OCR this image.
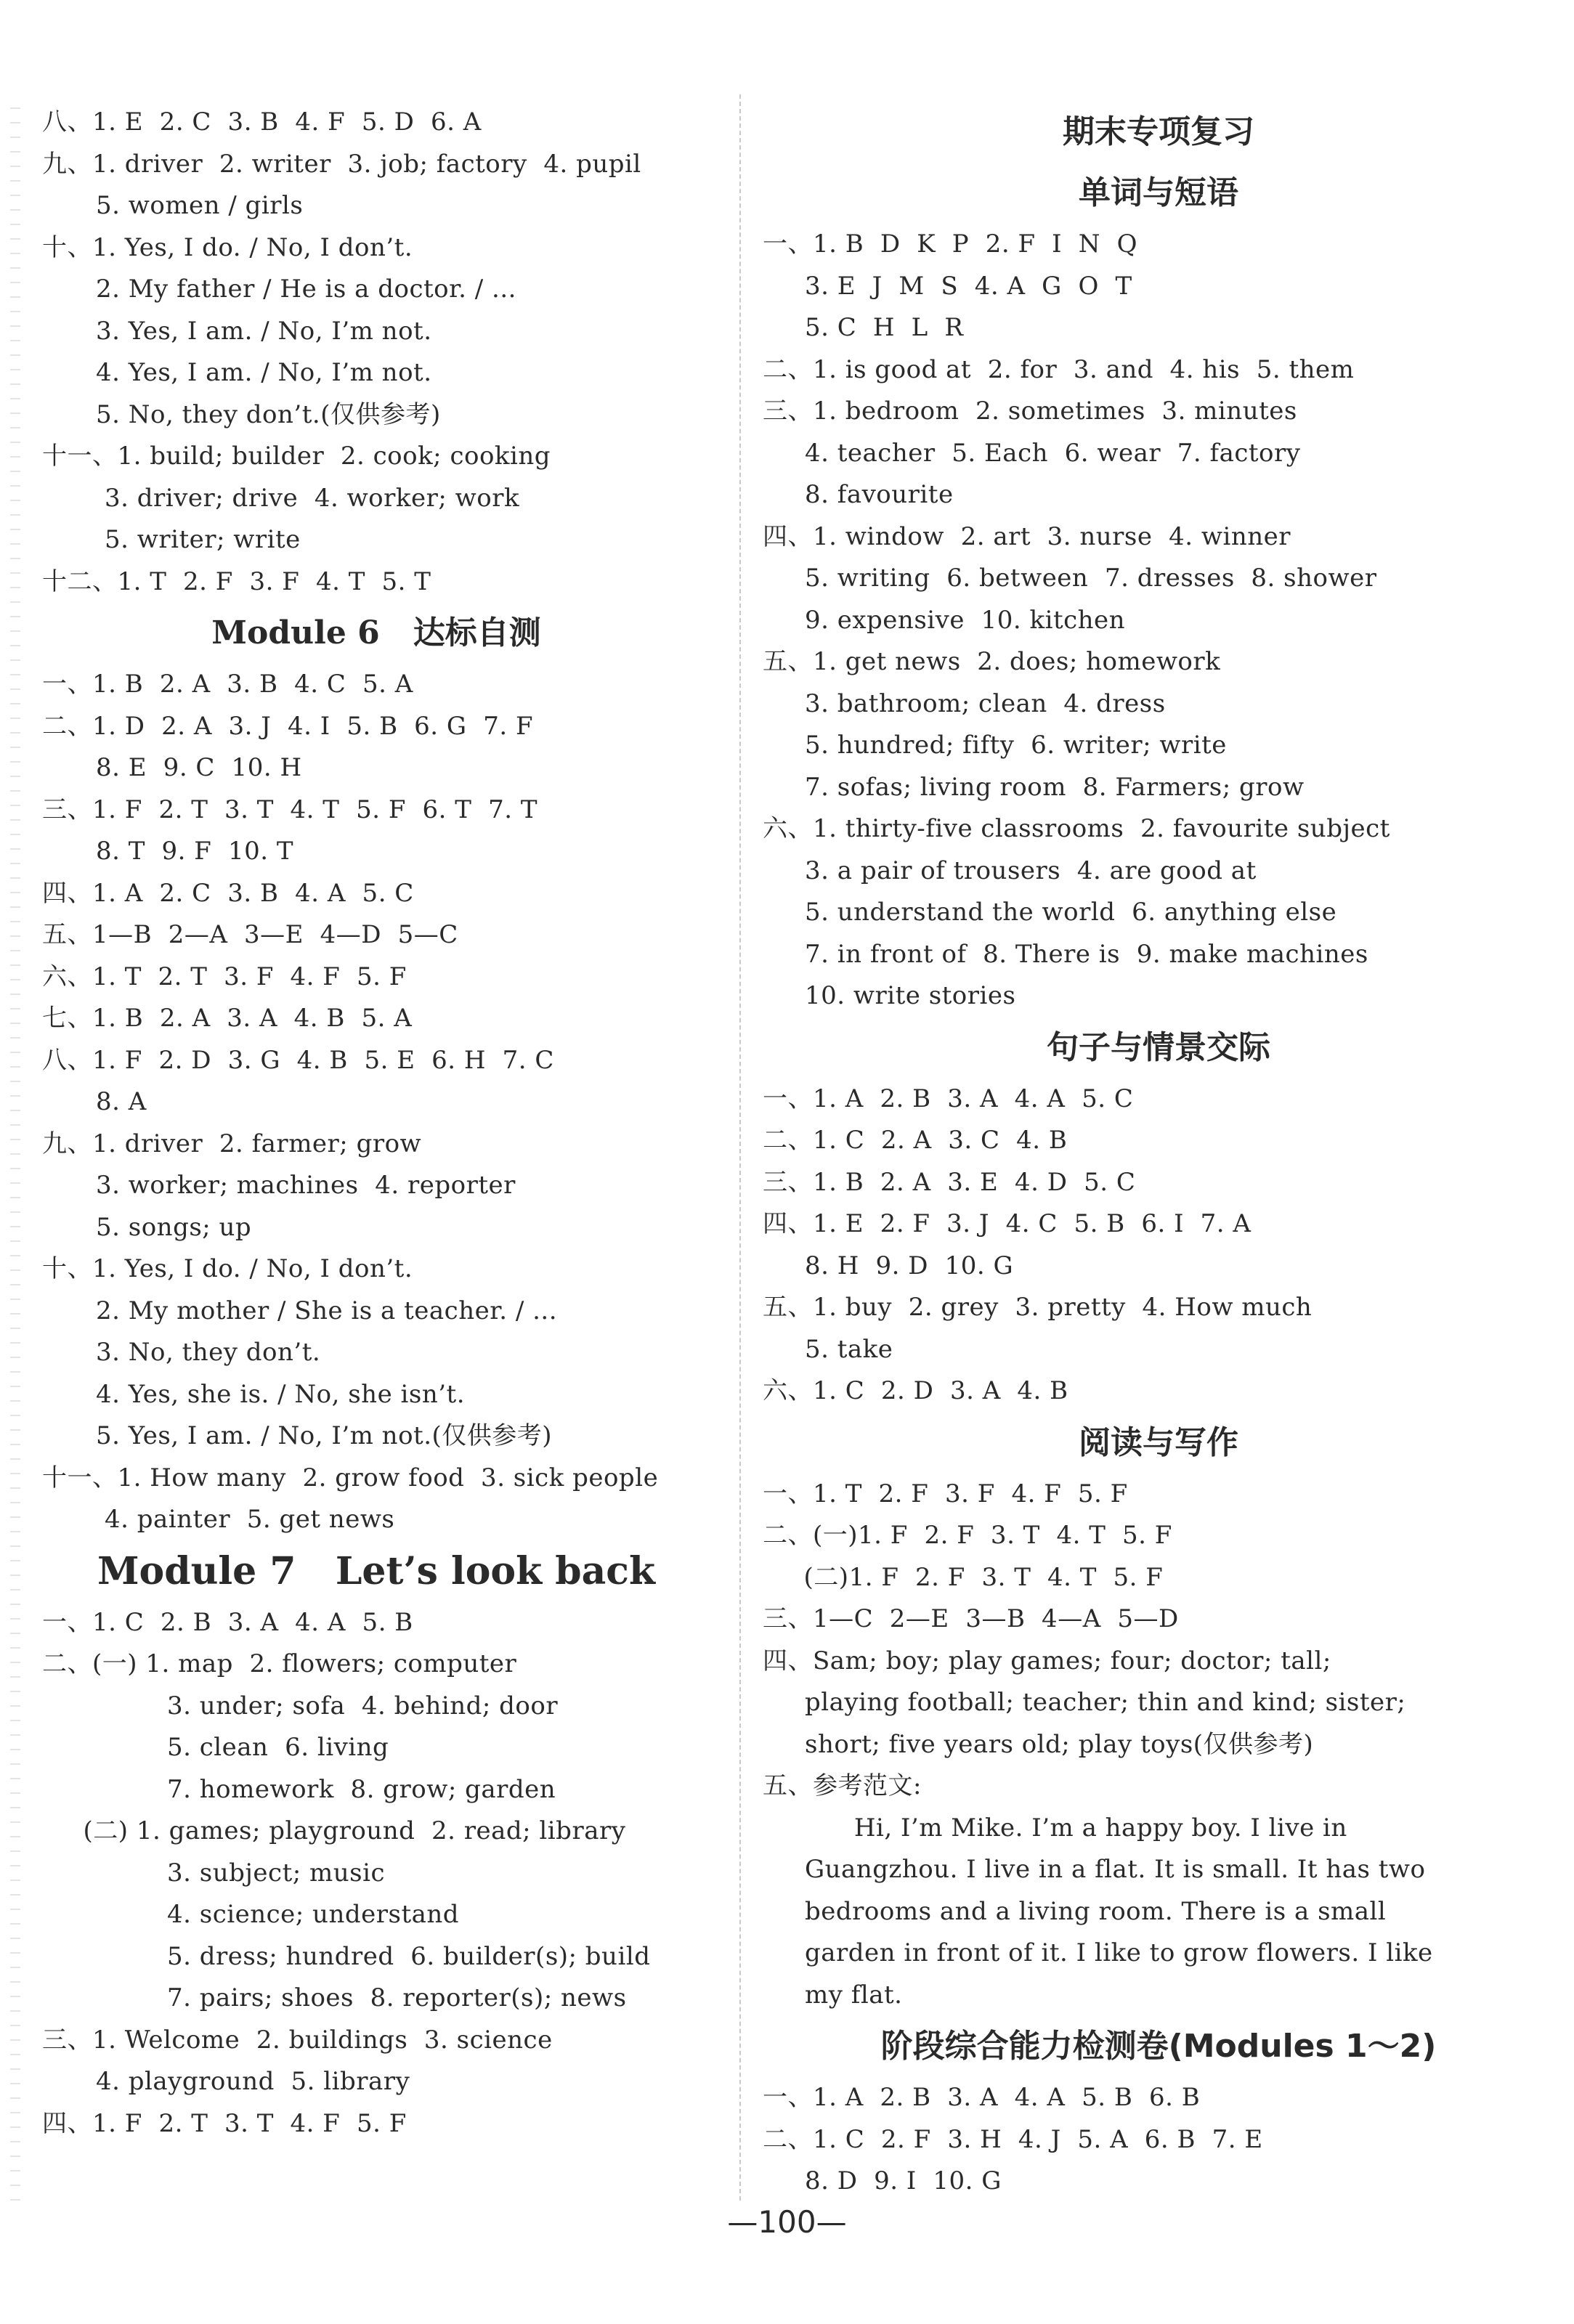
八、1. E  2. C  3. B  4. F  5. D  6. A
九、1. driver  2. writer  3. job; factory  4. pupil
5. women / girls
十、1. Yes, I do. / No, I don’t.
2. My father / He is a doctor. / ...
3. Yes, I am. / No, I’m not.
4. Yes, I am. / No, I’m not.
5. No, they don’t.(仅供参考)
十一、1. build; builder  2. cook; cooking
3. driver; drive  4. worker; work
5. writer; write
十二、1. T  2. F  3. F  4. T  5. T
Module 6   达标自测
一、1. B  2. A  3. B  4. C  5. A
二、1. D  2. A  3. J  4. I  5. B  6. G  7. F
8. E  9. C  10. H
三、1. F  2. T  3. T  4. T  5. F  6. T  7. T
8. T  9. F  10. T
四、1. A  2. C  3. B  4. A  5. C
五、1—B  2—A  3—E  4—D  5—C
六、1. T  2. T  3. F  4. F  5. F
七、1. B  2. A  3. A  4. B  5. A
八、1. F  2. D  3. G  4. B  5. E  6. H  7. C
8. A
九、1. driver  2. farmer; grow
3. worker; machines  4. reporter
5. songs; up
十、1. Yes, I do. / No, I don’t.
2. My mother / She is a teacher. / ...
3. No, they don’t.
4. Yes, she is. / No, she isn’t.
5. Yes, I am. / No, I’m not.(仅供参考)
十一、1. How many  2. grow food  3. sick people
4. painter  5. get news
Module 7   Let’s look back
一、1. C  2. B  3. A  4. A  5. B
二、(一) 1. map  2. flowers; computer
3. under; sofa  4. behind; door
5. clean  6. living
7. homework  8. grow; garden
(二) 1. games; playground  2. read; library
3. subject; music
4. science; understand
5. dress; hundred  6. builder(s); build
7. pairs; shoes  8. reporter(s); news
三、1. Welcome  2. buildings  3. science
4. playground  5. library
四、1. F  2. T  3. T  4. F  5. F
期末专项复习
单词与短语
一、1. B  D  K  P  2. F  I  N  Q
3. E  J  M  S  4. A  G  O  T
5. C  H  L  R
二、1. is good at  2. for  3. and  4. his  5. them
三、1. bedroom  2. sometimes  3. minutes
4. teacher  5. Each  6. wear  7. factory
8. favourite
四、1. window  2. art  3. nurse  4. winner
5. writing  6. between  7. dresses  8. shower
9. expensive  10. kitchen
五、1. get news  2. does; homework
3. bathroom; clean  4. dress
5. hundred; fifty  6. writer; write
7. sofas; living room  8. Farmers; grow
六、1. thirty-five classrooms  2. favourite subject
3. a pair of trousers  4. are good at
5. understand the world  6. anything else
7. in front of  8. There is  9. make machines
10. write stories
句子与情景交际
一、1. A  2. B  3. A  4. A  5. C
二、1. C  2. A  3. C  4. B
三、1. B  2. A  3. E  4. D  5. C
四、1. E  2. F  3. J  4. C  5. B  6. I  7. A
8. H  9. D  10. G
五、1. buy  2. grey  3. pretty  4. How much
5. take
六、1. C  2. D  3. A  4. B
阅读与写作
一、1. T  2. F  3. F  4. F  5. F
二、(一)1. F  2. F  3. T  4. T  5. F
(二)1. F  2. F  3. T  4. T  5. F
三、1—C  2—E  3—B  4—A  5—D
四、Sam; boy; play games; four; doctor; tall;
playing football; teacher; thin and kind; sister;
short; five years old; play toys(仅供参考)
五、参考范文:
Hi, I’m Mike. I’m a happy boy. I live in
Guangzhou. I live in a flat. It is small. It has two
bedrooms and a living room. There is a small
garden in front of it. I like to grow flowers. I like
my flat.
阶段综合能力检测卷(Modules 1～2)
一、1. A  2. B  3. A  4. A  5. B  6. B
二、1. C  2. F  3. H  4. J  5. A  6. B  7. E
8. D  9. I  10. G
—100—
